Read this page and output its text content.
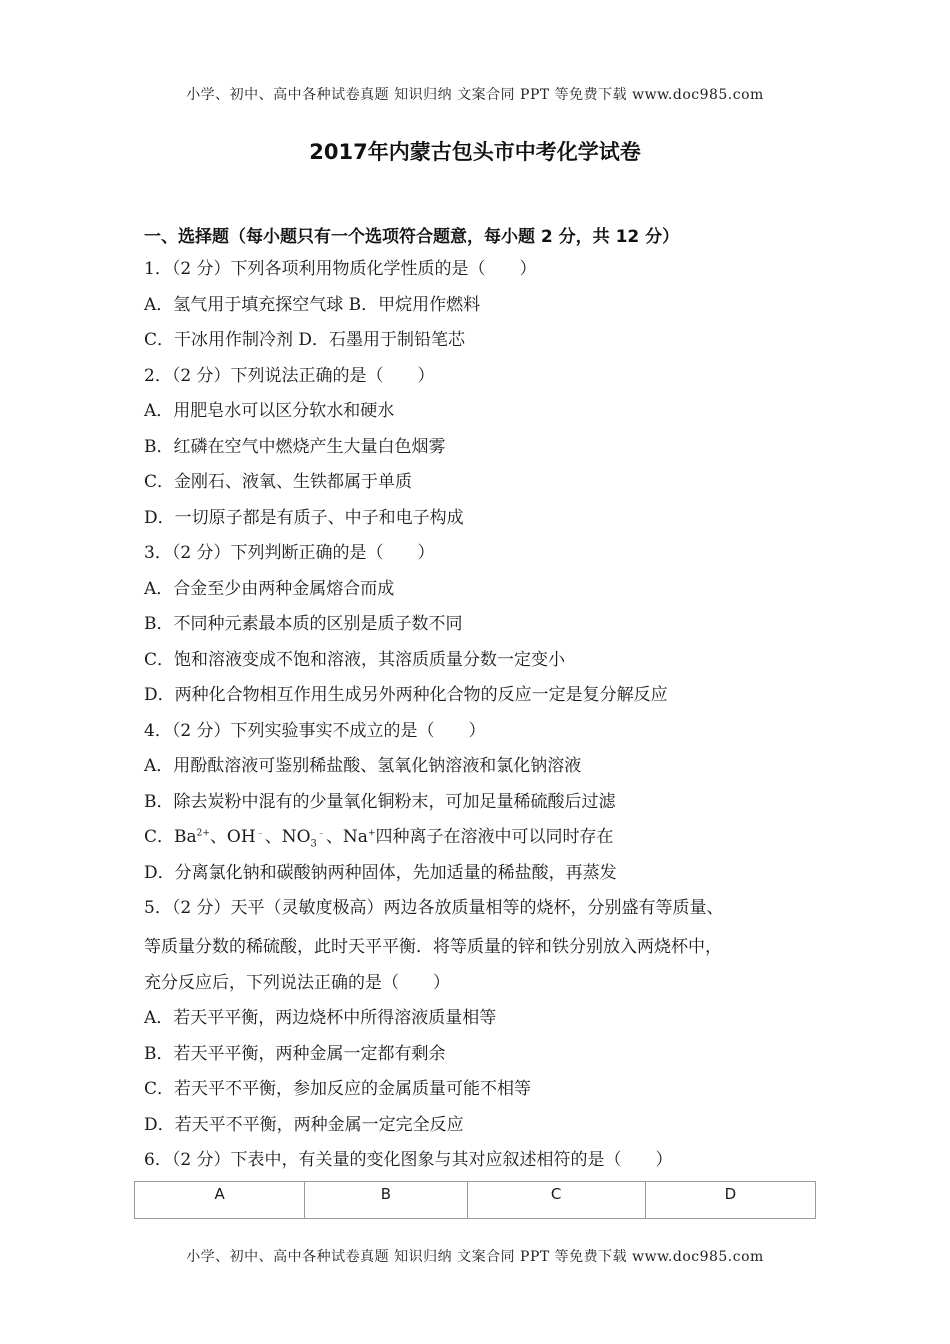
小学、初中、高中各种试卷真题 知识归纳 文案合同 PPT 等免费下载 www.doc985.com
2017年内蒙古包头市中考化学试卷
一、选择题（每小题只有一个选项符合题意，每小题 2 分，共 12 分）
1．（2 分）下列各项利用物质化学性质的是（　　）
A．氢气用于填充探空气球 B．甲烷用作燃料
C．干冰用作制冷剂 D．石墨用于制铅笔芯
2．（2 分）下列说法正确的是（　　）
A．用肥皂水可以区分软水和硬水
B．红磷在空气中燃烧产生大量白色烟雾
C．金刚石、液氧、生铁都属于单质
D．一切原子都是有质子、中子和电子构成
3．（2 分）下列判断正确的是（　　）
A．合金至少由两种金属熔合而成
B．不同种元素最本质的区别是质子数不同
C．饱和溶液变成不饱和溶液，其溶质质量分数一定变小
D．两种化合物相互作用生成另外两种化合物的反应一定是复分解反应
4．（2 分）下列实验事实不成立的是（　　）
A．用酚酞溶液可鉴别稀盐酸、氢氧化钠溶液和氯化钠溶液
B．除去炭粉中混有的少量氧化铜粉末，可加足量稀硫酸后过滤
C．$Ba^{2+}$、OH﹣、$NO_3^﹣$、Na+四种离子在溶液中可以同时存在
D．分离氯化钠和碳酸钠两种固体，先加适量的稀盐酸，再蒸发
5．（2 分）天平（灵敏度极高）两边各放质量相等的烧杯，分别盛有等质量、
等质量分数的稀硫酸，此时天平平衡．将等质量的锌和铁分别放入两烧杯中，
充分反应后，下列说法正确的是（　　）
A．若天平平衡，两边烧杯中所得溶液质量相等
B．若天平平衡，两种金属一定都有剩余
C．若天平不平衡，参加反应的金属质量可能不相等
D．若天平不平衡，两种金属一定完全反应
6．（2 分）下表中，有关量的变化图象与其对应叙述相符的是（　　）
A	B	C	D
小学、初中、高中各种试卷真题 知识归纳 文案合同 PPT 等免费下载 www.doc985.com
